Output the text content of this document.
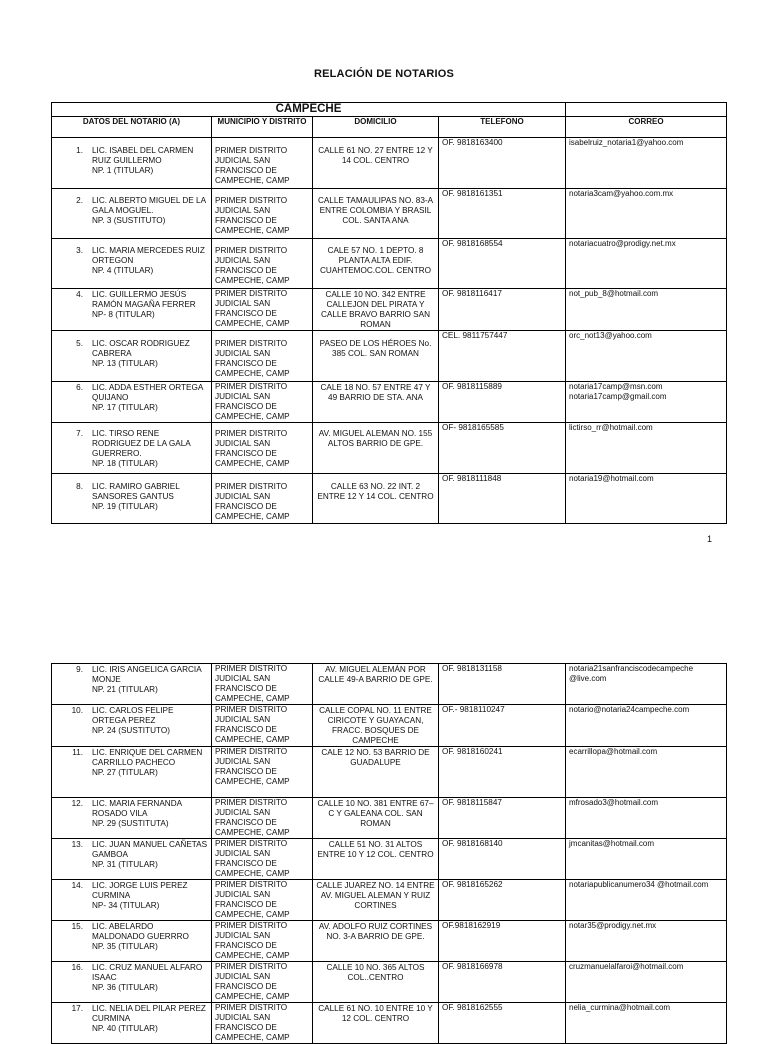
RELACIÓN DE NOTARIOS
CAMPECHE				
DATOS DEL NOTARIO (A)	MUNICIPIO Y DISTRITO	DOMICILIO	TELEFONO	CORREO

1. LIC. ISABEL DEL CARMEN RUIZ GUILLERMO
NP. 1 (TITULAR)	PRIMER DISTRITO JUDICIAL SAN FRANCISCO DE CAMPECHE, CAMP	CALLE 61 NO. 27 ENTRE 12 Y 14 COL. CENTRO	OF. 9818163400	isabelruiz_notaria1@yahoo.com

2. LIC. ALBERTO MIGUEL DE LA GALA MOGUEL.
NP. 3 (SUSTITUTO)	PRIMER DISTRITO JUDICIAL SAN FRANCISCO DE CAMPECHE, CAMP	CALLE TAMAULIPAS NO. 83-A ENTRE COLOMBIA Y BRASIL COL. SANTA ANA	OF. 9818161351	notaria3cam@yahoo.com.mx

3. LIC. MARIA MERCEDES RUIZ ORTEGON
NP. 4 (TITULAR)	PRIMER DISTRITO JUDICIAL SAN FRANCISCO DE CAMPECHE, CAMP	CALE 57 NO. 1 DEPTO. 8 PLANTA ALTA EDIF. CUAHTEMOC.COL. CENTRO	OF. 9818168554	notariacuatro@prodigy.net.mx

4. LIC. GUILLERMO JESÚS RAMÓN MAGAÑA FERRER
NP- 8 (TITULAR)	PRIMER DISTRITO JUDICIAL SAN FRANCISCO DE CAMPECHE, CAMP	CALLE 10 NO. 342 ENTRE CALLEJON DEL PIRATA Y CALLE BRAVO BARRIO SAN ROMAN	OF. 9818116417	not_pub_8@hotmail.com

5. LIC. OSCAR RODRIGUEZ CABRERA
NP. 13 (TITULAR)	PRIMER DISTRITO JUDICIAL SAN FRANCISCO DE CAMPECHE, CAMP	PASEO DE LOS HÉROES No. 385 COL. SAN ROMAN	CEL. 9811757447	orc_not13@yahoo.com

6. LIC. ADDA ESTHER ORTEGA QUIJANO
NP. 17 (TITULAR)	PRIMER DISTRITO JUDICIAL SAN FRANCISCO DE CAMPECHE, CAMP	CALE 18 NO. 57 ENTRE 47 Y 49 BARRIO DE STA. ANA	OF. 9818115889	notaria17camp@msn.com notaria17camp@gmail.com

7. LIC. TIRSO RENE RODRIGUEZ DE LA GALA GUERRERO.
NP. 18 (TITULAR)	PRIMER DISTRITO JUDICIAL SAN FRANCISCO DE CAMPECHE, CAMP	AV. MIGUEL ALEMAN NO. 155 ALTOS BARRIO DE GPE.	OF- 9818165585	lictirso_rr@hotmail.com

8. LIC. RAMIRO GABRIEL SANSORES GANTUS
NP. 19 (TITULAR)	PRIMER DISTRITO JUDICIAL SAN FRANCISCO DE CAMPECHE, CAMP	CALLE 63 NO. 22 INT. 2 ENTRE 12 Y 14 COL. CENTRO	OF. 9818111848	notaria19@hotmail.com
1
9. LIC. IRIS ANGELICA GARCIA MONJE
NP. 21 (TITULAR)	PRIMER DISTRITO JUDICIAL SAN FRANCISCO DE CAMPECHE, CAMP	AV. MIGUEL ALEMÁN POR CALLE 49-A BARRIO DE GPE.	OF. 9818131158	notaria21sanfranciscodecampeche @live.com

10. LIC. CARLOS FELIPE ORTEGA PEREZ
NP. 24 (SUSTITUTO)	PRIMER DISTRITO JUDICIAL SAN FRANCISCO DE CAMPECHE, CAMP	CALLE COPAL NO. 11 ENTRE CIRICOTE Y GUAYACAN, FRACC. BOSQUES DE CAMPECHE	OF.- 9818110247	notario@notaria24campeche.com

11. LIC. ENRIQUE DEL CARMEN CARRILLO PACHECO
NP. 27 (TITULAR)	PRIMER DISTRITO JUDICIAL SAN FRANCISCO DE CAMPECHE, CAMP	CALE 12 NO. 53 BARRIO DE GUADALUPE	OF. 9818160241	ecarrillopa@hotmail.com

12. LIC. MARIA FERNANDA ROSADO VILA
NP. 29 (SUSTITUTA)	PRIMER DISTRITO JUDICIAL SAN FRANCISCO DE CAMPECHE, CAMP	CALLE 10 NO. 381 ENTRE 67–C Y GALEANA COL. SAN ROMAN	OF. 9818115847	mfrosado3@hotmail.com

13. LIC. JUAN MANUEL CAÑETAS GAMBOA
NP. 31 (TITULAR)	PRIMER DISTRITO JUDICIAL SAN FRANCISCO DE CAMPECHE, CAMP	CALLE 51 NO. 31 ALTOS ENTRE 10 Y 12 COL. CENTRO	OF. 9818168140	jmcanitas@hotmail.com

14. LIC. JORGE LUIS PEREZ CURMINA
NP- 34 (TITULAR)	PRIMER DISTRITO JUDICIAL SAN FRANCISCO DE CAMPECHE, CAMP	CALLE JUAREZ NO. 14 ENTRE AV. MIGUEL ALEMAN Y RUIZ CORTINES	OF. 9818165262	notariapublicanumero34 @hotmail.com

15. LIC. ABELARDO MALDONADO GUERRRO
NP. 35 (TITULAR)	PRIMER DISTRITO JUDICIAL SAN FRANCISCO DE CAMPECHE, CAMP	AV. ADOLFO RUIZ CORTINES NO. 3-A BARRIO DE GPE.	OF.9818162919	notar35@prodigy.net.mx

16. LIC. CRUZ MANUEL ALFARO ISAAC
NP. 36 (TITULAR)	PRIMER DISTRITO JUDICIAL SAN FRANCISCO DE CAMPECHE, CAMP	CALLE 10 NO. 365 ALTOS COL..CENTRO	OF. 9818166978	cruzmanuelalfaroi@hotmail.com

17. LIC. NELIA DEL PILAR PEREZ CURMINA
NP. 40 (TITULAR)	PRIMER DISTRITO JUDICIAL SAN FRANCISCO DE CAMPECHE, CAMP	CALLE 61 NO. 10 ENTRE 10 Y 12 COL. CENTRO	OF. 9818162555	nelia_curmina@hotmail.com
